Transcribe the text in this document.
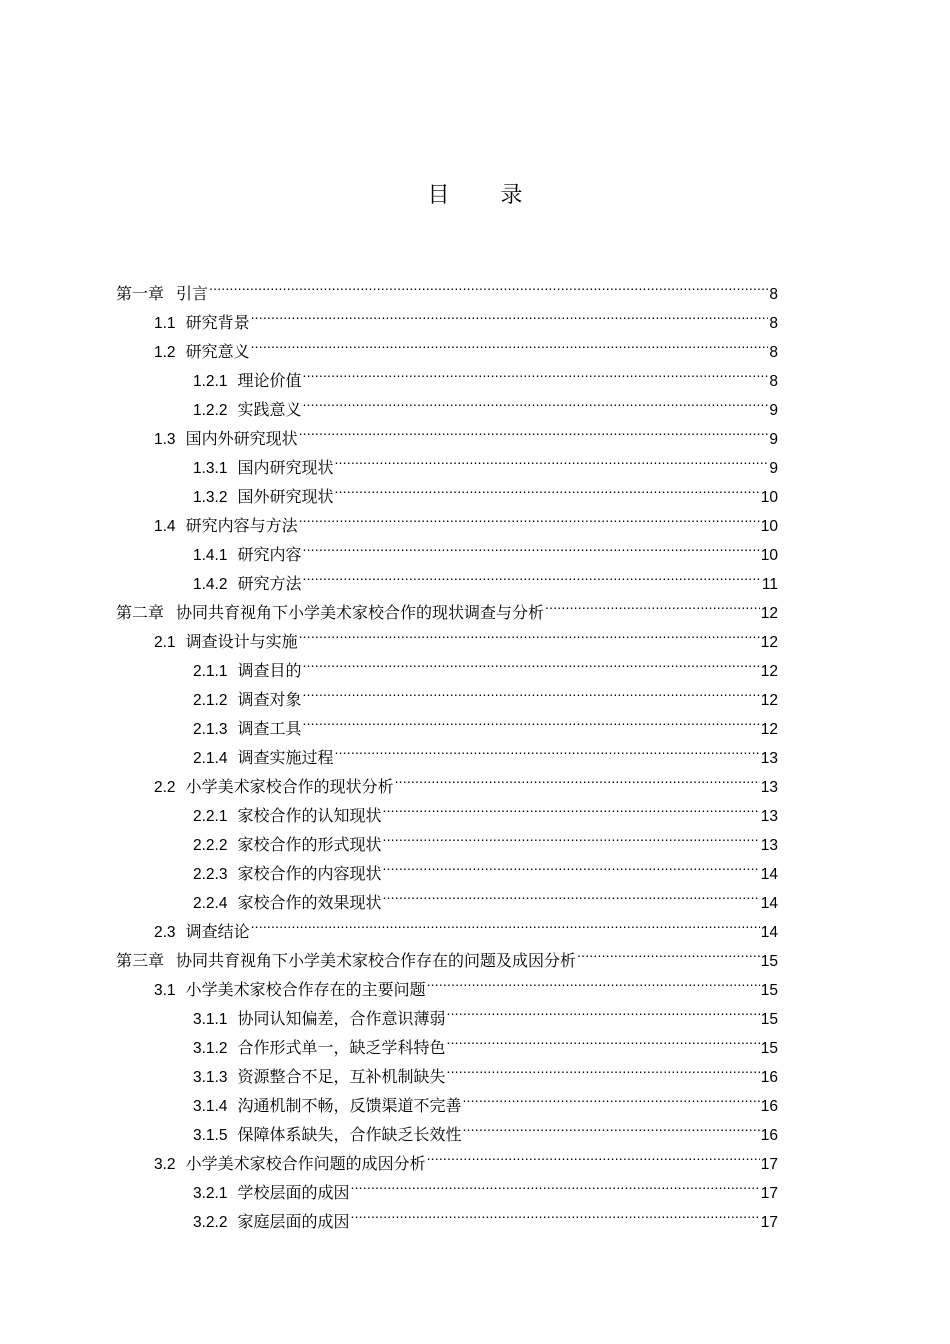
目 录
第一章 引言 .....	8
1.1 研究背景 .....	8
1.2 研究意义 .....	8
1.2.1 理论价值 .....	8
1.2.2 实践意义 .....	9
1.3 国内外研究现状 .....	9
1.3.1 国内研究现状 .....	9
1.3.2 国外研究现状 .....	10
1.4 研究内容与方法 .....	10
1.4.1 研究内容 .....	10
1.4.2 研究方法 .....	11
第二章 协同共育视角下小学美术家校合作的现状调查与分析 .....	12
2.1 调查设计与实施 .....	12
2.1.1 调查目的 .....	12
2.1.2 调查对象 .....	12
2.1.3 调查工具 .....	12
2.1.4 调查实施过程 .....	13
2.2 小学美术家校合作的现状分析 .....	13
2.2.1 家校合作的认知现状 .....	13
2.2.2 家校合作的形式现状 .....	13
2.2.3 家校合作的内容现状 .....	14
2.2.4 家校合作的效果现状 .....	14
2.3 调查结论 .....	14
第三章 协同共育视角下小学美术家校合作存在的问题及成因分析 .....	15
3.1 小学美术家校合作存在的主要问题 .....	15
3.1.1 协同认知偏差，合作意识薄弱 .....	15
3.1.2 合作形式单一，缺乏学科特色 .....	15
3.1.3 资源整合不足，互补机制缺失 .....	16
3.1.4 沟通机制不畅，反馈渠道不完善 .....	16
3.1.5 保障体系缺失，合作缺乏长效性 .....	16
3.2 小学美术家校合作问题的成因分析 .....	17
3.2.1 学校层面的成因 .....	17
3.2.2 家庭层面的成因 .....	17
